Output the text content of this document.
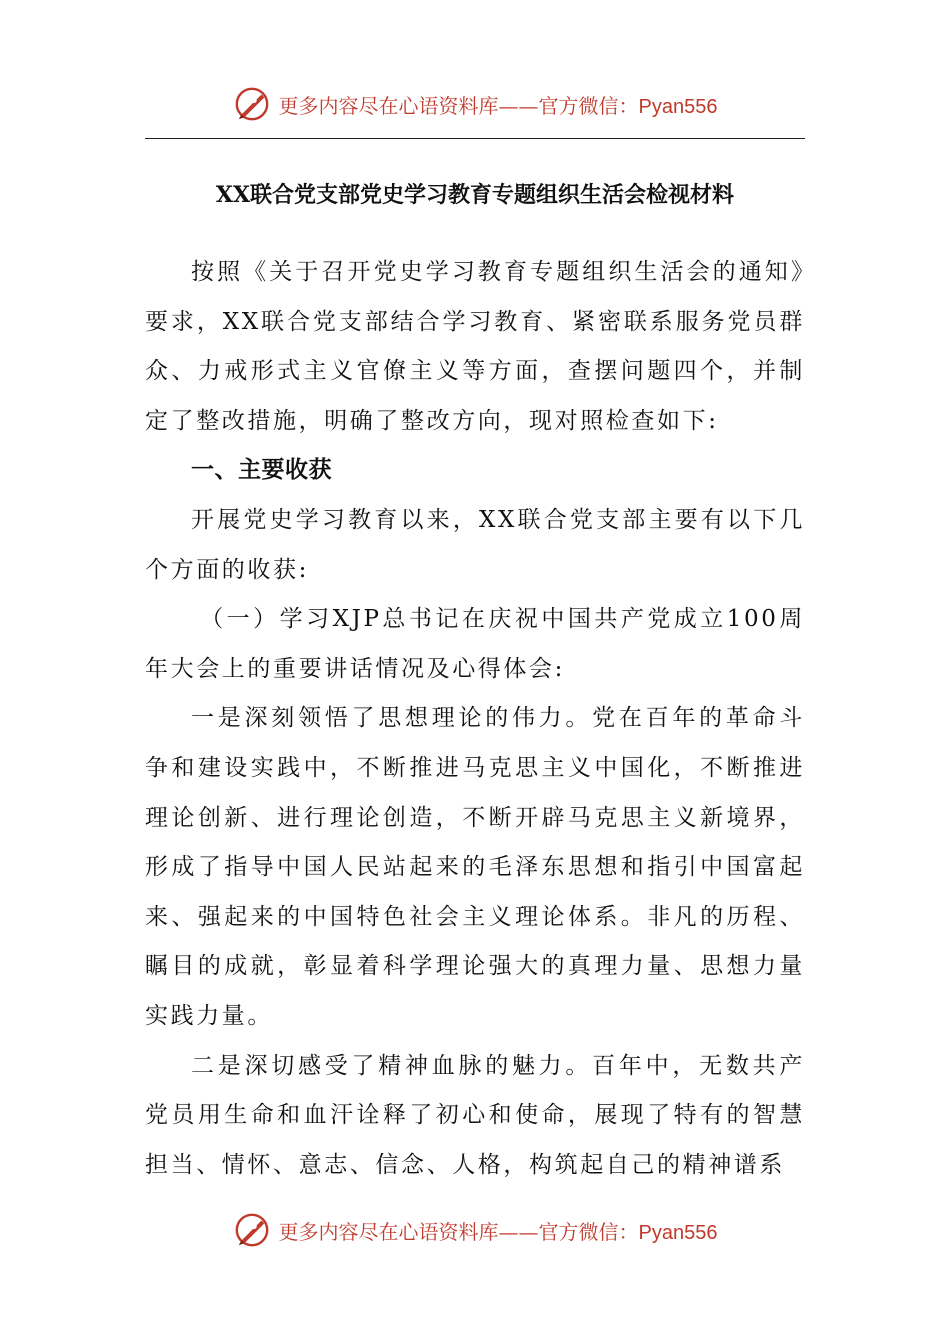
更多内容尽在心语资料库——官方微信：Pyan556
XX联合党支部党史学习教育专题组织生活会检视材料

按照《关于召开党史学习教育专题组织生活会的通知》要求，XX联合党支部结合学习教育、紧密联系服务党员群众、力戒形式主义官僚主义等方面，查摆问题四个，并制定了整改措施，明确了整改方向，现对照检查如下:

一、主要收获

开展党史学习教育以来，XX联合党支部主要有以下几个方面的收获:

（一）学习XJP总书记在庆祝中国共产党成立100周年大会上的重要讲话情况及心得体会:

一是深刻领悟了思想理论的伟力。党在百年的革命斗争和建设实践中，不断推进马克思主义中国化，不断推进理论创新、进行理论创造，不断开辟马克思主义新境界，形成了指导中国人民站起来的毛泽东思想和指引中国富起来、强起来的中国特色社会主义理论体系。非凡的历程、瞩目的成就，彰显着科学理论强大的真理力量、思想力量实践力量。

二是深切感受了精神血脉的魅力。百年中，无数共产党员用生命和血汗诠释了初心和使命，展现了特有的智慧担当、情怀、意志、信念、人格，构筑起自己的精神谱系

更多内容尽在心语资料库——官方微信：Pyan556
